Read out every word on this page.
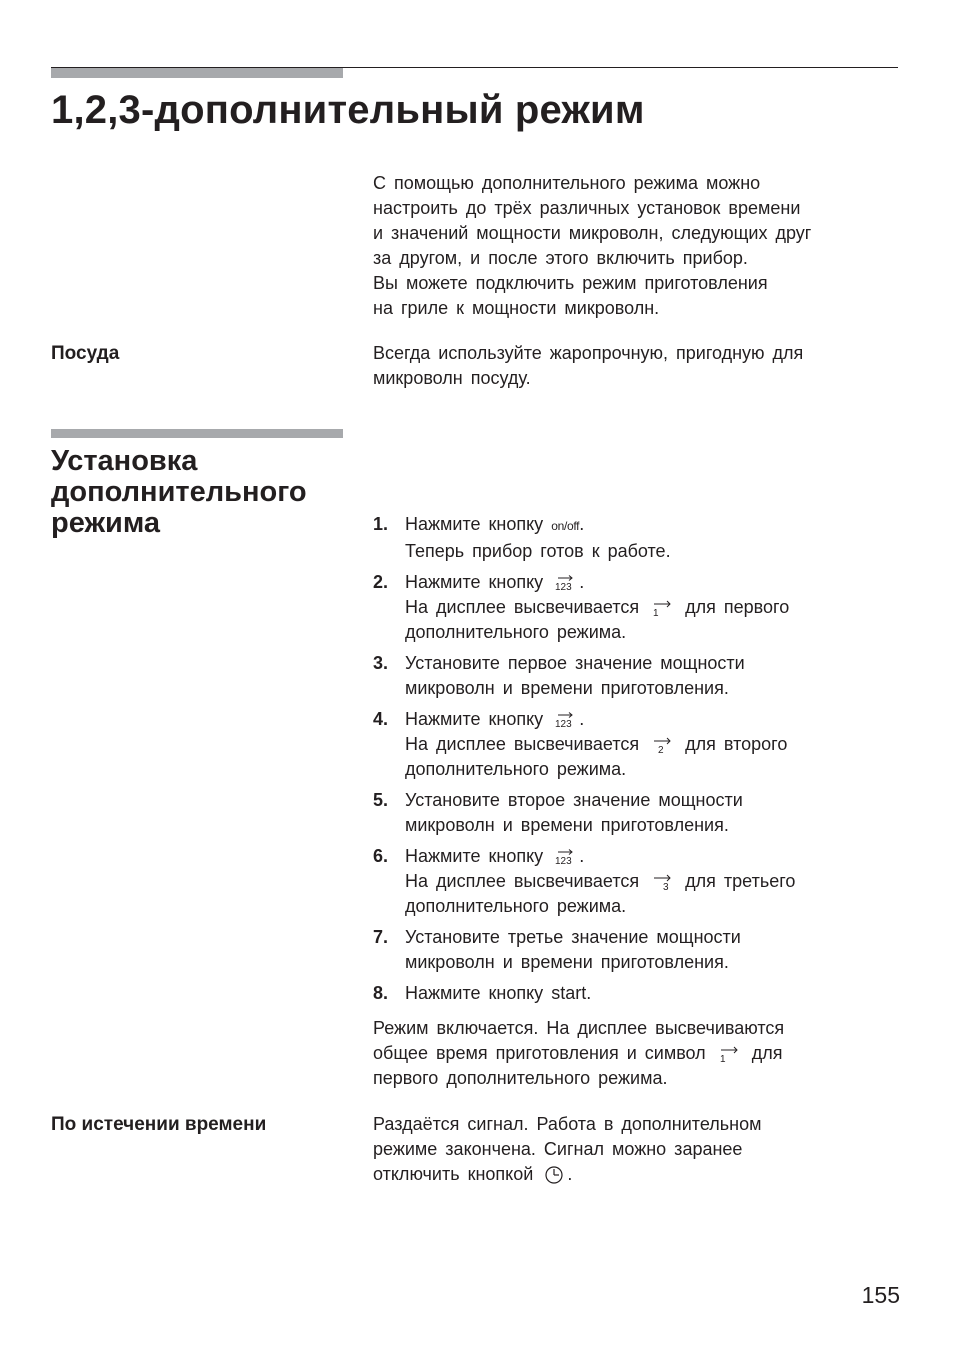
1,2,3-дополнительный режим
С помощью дополнительного режима можно
настроить до трёх различных установок времени
и значений мощности микроволн, следующих друг
за другом, и после этого включить прибор.
Вы можете подключить режим приготовления
на гриле к мощности микроволн.
Посуда	Всегда используйте жаропрочную, пригодную для
микроволн посуду.
Установка
дополнительного
режима	1. Нажмите кнопку on/off.
Теперь прибор готов к работе.
2. Нажмите кнопку 123 .
На дисплее высвечивается 1 для первого
дополнительного режима.
3. Установите первое значение мощности
микроволн и времени приготовления.
4. Нажмите кнопку 123 .
На дисплее высвечивается 2 для второго
дополнительного режима.
5. Установите второе значение мощности
микроволн и времени приготовления.
6. Нажмите кнопку 123 .
На дисплее высвечивается 3 для третьего
дополнительного режима.
7. Установите третье значение мощности
микроволн и времени приготовления.
8. Нажмите кнопку start.
Режим включается. На дисплее высвечиваются
общее время приготовления и символ 1 для
первого дополнительного режима.
По истечении времени	Раздаётся сигнал. Работа в дополнительном
режиме закончена. Сигнал можно заранее
отключить кнопкой .
155
